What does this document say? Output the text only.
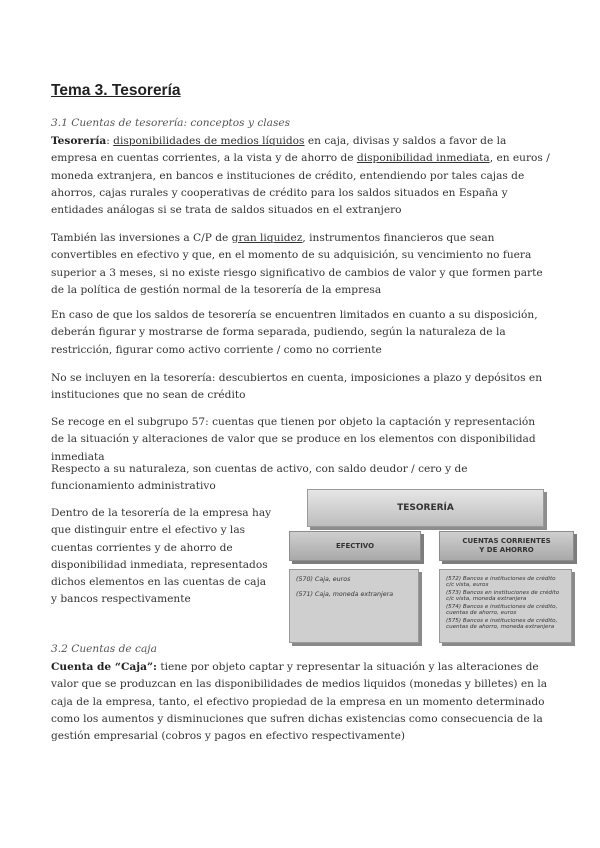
Tema 3. Tesorería

3.1 Cuentas de tesorería: conceptos y clases

Tesorería: disponibilidades de medios líquidos en caja, divisas y saldos a favor de la empresa en cuentas corrientes, a la vista y de ahorro de disponibilidad inmediata, en euros / moneda extranjera, en bancos e instituciones de crédito, entendiendo por tales cajas de ahorros, cajas rurales y cooperativas de crédito para los saldos situados en España y entidades análogas si se trata de saldos situados en el extranjero

También las inversiones a C/P de gran liquidez, instrumentos financieros que sean convertibles en efectivo y que, en el momento de su adquisición, su vencimiento no fuera superior a 3 meses, si no existe riesgo significativo de cambios de valor y que formen parte de la política de gestión normal de la tesorería de la empresa

En caso de que los saldos de tesorería se encuentren limitados en cuanto a su disposición, deberán figurar y mostrarse de forma separada, pudiendo, según la naturaleza de la restricción, figurar como activo corriente / como no corriente

No se incluyen en la tesorería: descubiertos en cuenta, imposiciones a plazo y depósitos en instituciones que no sean de crédito

Se recoge en el subgrupo 57: cuentas que tienen por objeto la captación y representación de la situación y alteraciones de valor que se produce en los elementos con disponibilidad inmediata

Respecto a su naturaleza, son cuentas de activo, con saldo deudor / cero y de funcionamiento administrativo

Dentro de la tesorería de la empresa hay que distinguir entre el efectivo y las cuentas corrientes y de ahorro de disponibilidad inmediata, representados dichos elementos en las cuentas de caja y bancos respectivamente

TESORERÍA
EFECTIVO
CUENTAS CORRIENTES
Y DE AHORRO
(570) Caja, euros
(571) Caja, moneda extranjera
(572) Bancos e instituciones de crédito c/c vista, euros
(573) Bancos en instituciones de crédito c/c vista, moneda extranjera
(574) Bancos e instituciones de crédito, cuentas de ahorro, euros
(575) Bancos e instituciones de crédito, cuentas de ahorro, moneda extranjera

3.2 Cuentas de caja

Cuenta de “Caja”: tiene por objeto captar y representar la situación y las alteraciones de valor que se produzcan en las disponibilidades de medios liquidos (monedas y billetes) en la caja de la empresa, tanto, el efectivo propiedad de la empresa en un momento determinado como los aumentos y disminuciones que sufren dichas existencias como consecuencia de la gestión empresarial (cobros y pagos en efectivo respectivamente)
